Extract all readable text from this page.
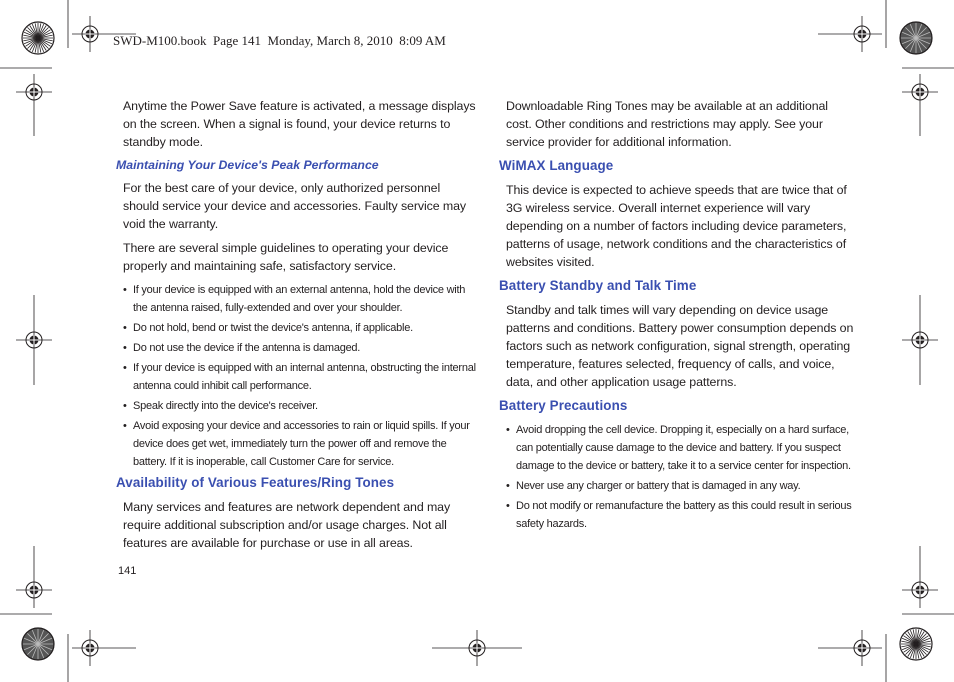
SWD-M100.book  Page 141  Monday, March 8, 2010  8:09 AM

Anytime the Power Save feature is activated, a message displays on the screen. When a signal is found, your device returns to standby mode.

Maintaining Your Device's Peak Performance

For the best care of your device, only authorized personnel should service your device and accessories. Faulty service may void the warranty.

There are several simple guidelines to operating your device properly and maintaining safe, satisfactory service.

• If your device is equipped with an external antenna, hold the device with the antenna raised, fully-extended and over your shoulder.
• Do not hold, bend or twist the device's antenna, if applicable.
• Do not use the device if the antenna is damaged.
• If your device is equipped with an internal antenna, obstructing the internal antenna could inhibit call performance.
• Speak directly into the device's receiver.
• Avoid exposing your device and accessories to rain or liquid spills. If your device does get wet, immediately turn the power off and remove the battery. If it is inoperable, call Customer Care for service.
Availability of Various Features/Ring Tones

Many services and features are network dependent and may require additional subscription and/or usage charges. Not all features are available for purchase or use in all areas.

Downloadable Ring Tones may be available at an additional cost. Other conditions and restrictions may apply. See your service provider for additional information.

WiMAX Language

This device is expected to achieve speeds that are twice that of 3G wireless service. Overall internet experience will vary depending on a number of factors including device parameters, patterns of usage, network conditions and the characteristics of websites visited.

Battery Standby and Talk Time

Standby and talk times will vary depending on device usage patterns and conditions. Battery power consumption depends on factors such as network configuration, signal strength, operating temperature, features selected, frequency of calls, and voice, data, and other application usage patterns.

Battery Precautions
• Avoid dropping the cell device. Dropping it, especially on a hard surface, can potentially cause damage to the device and battery. If you suspect damage to the device or battery, take it to a service center for inspection.
• Never use any charger or battery that is damaged in any way.
• Do not modify or remanufacture the battery as this could result in serious safety hazards.
141
